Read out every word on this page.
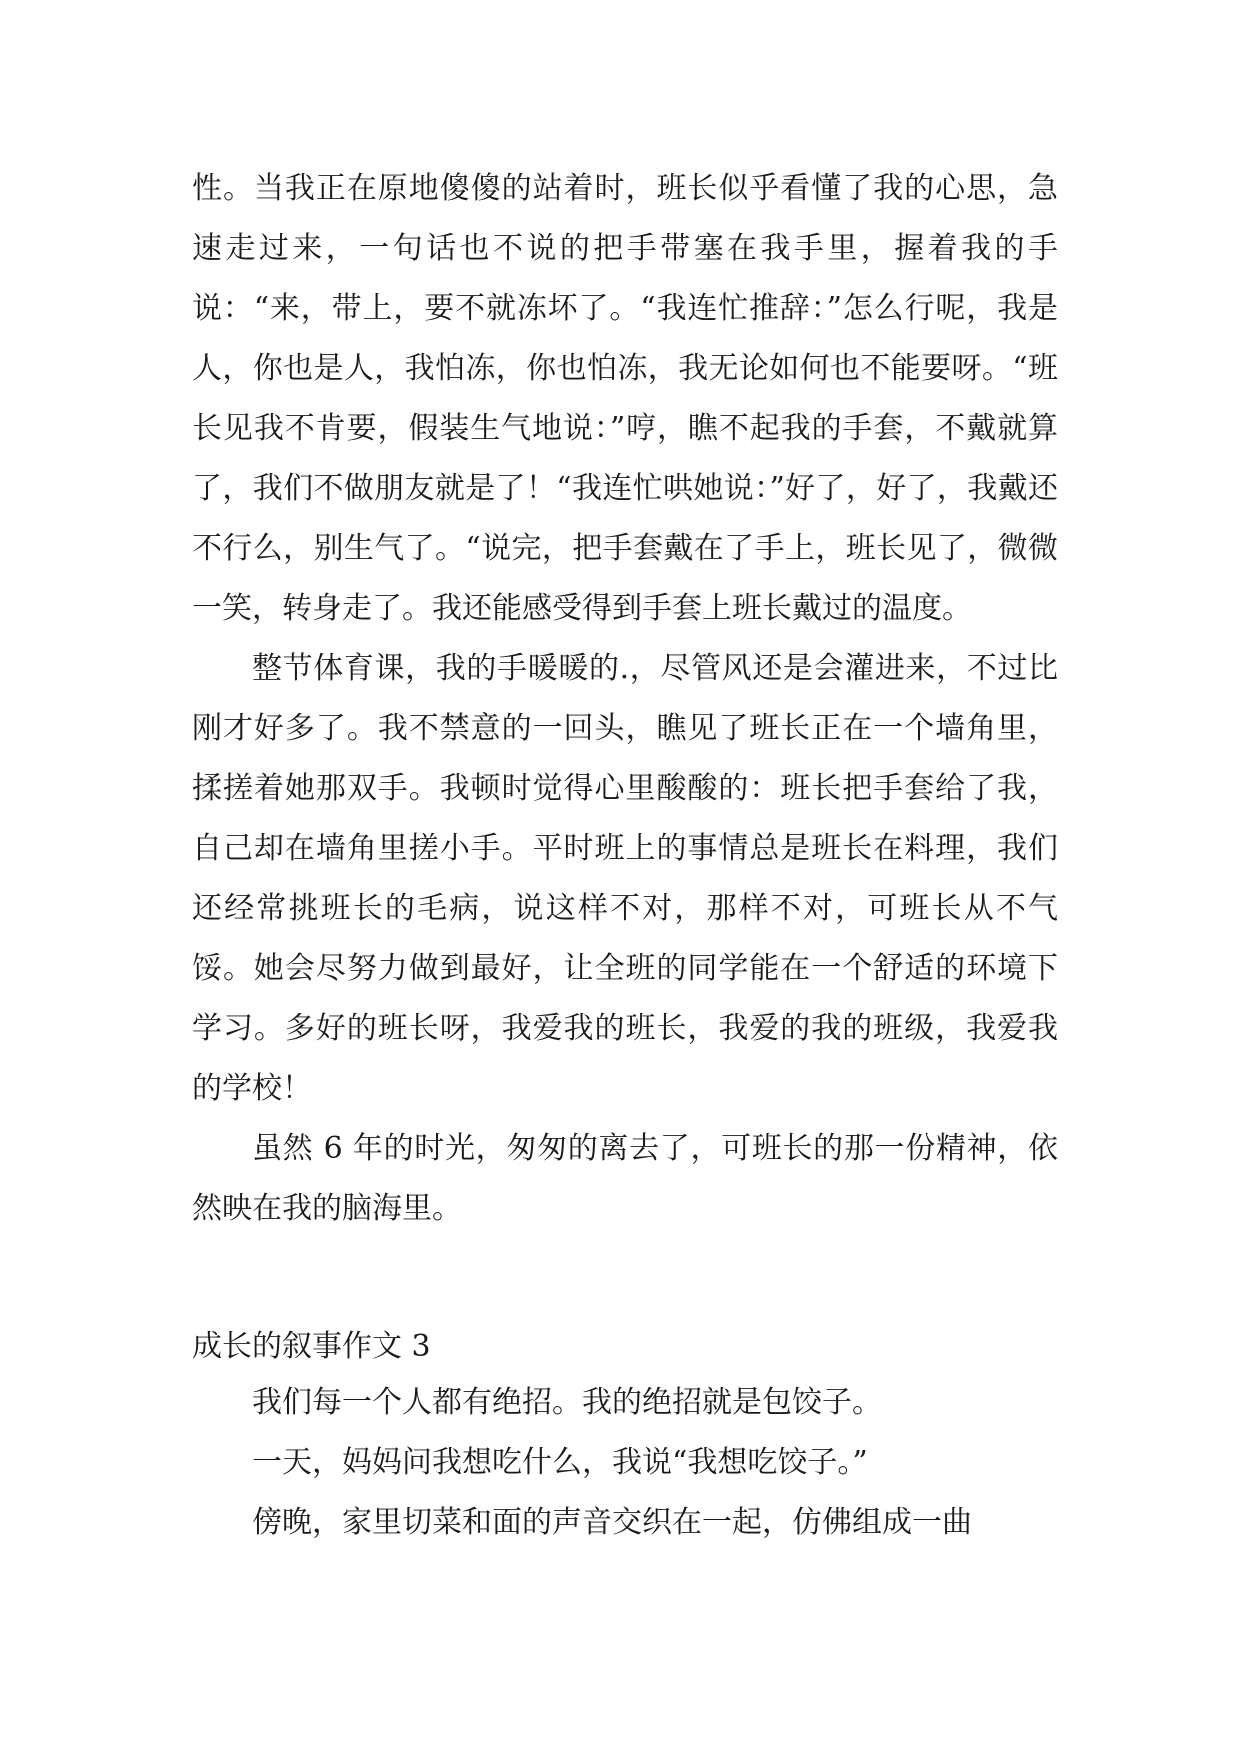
性。当我正在原地傻傻的站着时，班长似乎看懂了我的心思，急速走过来，一句话也不说的把手带塞在我手里，握着我的手说：“来，带上，要不就冻坏了。“我连忙推辞：”怎么行呢，我是人，你也是人，我怕冻，你也怕冻，我无论如何也不能要呀。“班长见我不肯要，假装生气地说：”哼，瞧不起我的手套，不戴就算了，我们不做朋友就是了！“我连忙哄她说：”好了，好了，我戴还不行么，别生气了。“说完，把手套戴在了手上，班长见了，微微一笑，转身走了。我还能感受得到手套上班长戴过的温度。

整节体育课，我的手暖暖的.，尽管风还是会灌进来，不过比刚才好多了。我不禁意的一回头，瞧见了班长正在一个墙角里，揉搓着她那双手。我顿时觉得心里酸酸的：班长把手套给了我，自己却在墙角里搓小手。平时班上的事情总是班长在料理，我们还经常挑班长的毛病，说这样不对，那样不对，可班长从不气馁。她会尽努力做到最好，让全班的同学能在一个舒适的环境下学习。多好的班长呀，我爱我的班长，我爱的我的班级，我爱我的学校！

虽然 6 年的时光，匆匆的离去了，可班长的那一份精神，依然映在我的脑海里。

成长的叙事作文 3

我们每一个人都有绝招。我的绝招就是包饺子。

一天，妈妈问我想吃什么，我说“我想吃饺子。”

傍晚，家里切菜和面的声音交织在一起，仿佛组成一曲
